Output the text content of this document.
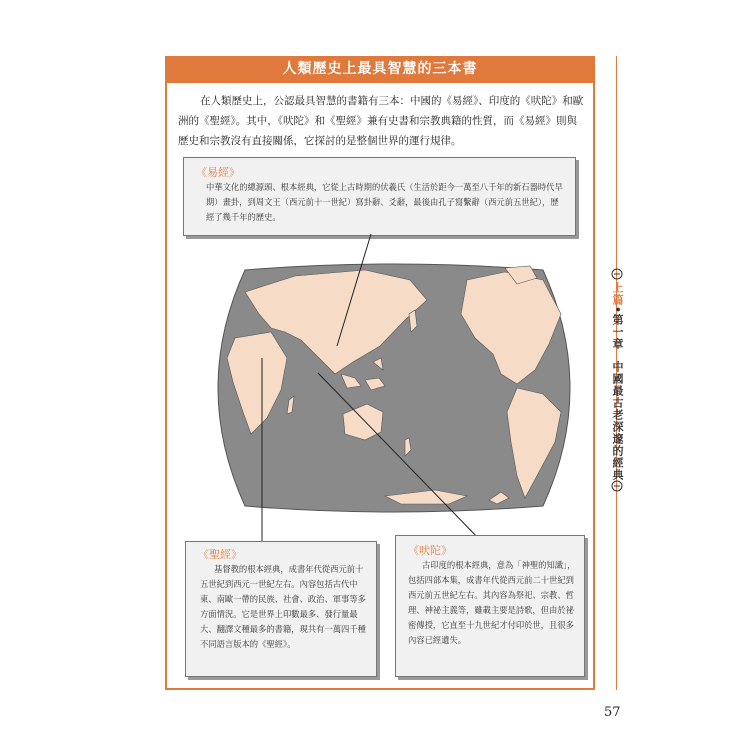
人類歷史上最具智慧的三本書

在人類歷史上，公認最具智慧的書籍有三本：中國的《易經》、印度的《吠陀》和歐洲的《聖經》。其中，《吠陀》和《聖經》兼有史書和宗教典籍的性質，而《易經》則與歷史和宗教沒有直接關係，它探討的是整個世界的運行規律。

《易經》
中華文化的總源頭、根本經典，它從上古時期的伏羲氏（生活於距今一萬至八千年的新石器時代早期）畫卦，到周文王（西元前十一世紀）寫卦辭、爻辭，最後由孔子寫繫辭（西元前五世紀），歷經了幾千年的歷史。
《聖經》
基督教的根本經典，成書年代從西元前十五世紀到西元一世紀左右。內容包括古代中東、南歐一帶的民族、社會、政治、軍事等多方面情況。它是世界上印數最多、發行量最大、翻譯文種最多的書籍，現共有一萬四千種不同語言版本的《聖經》。
《吠陀》
古印度的根本經典，意為「神聖的知識」，包括四部本集，成書年代從西元前二十世紀到西元前五世紀左右。其內容為祭祀、宗教、哲理、神祕主義等，雖載主要是詩歌，但由於祕密傳授，它直至十九世紀才付印於世，且很多內容已經遺失。
上篇•第一章 中國最古老深邃的經典
57
